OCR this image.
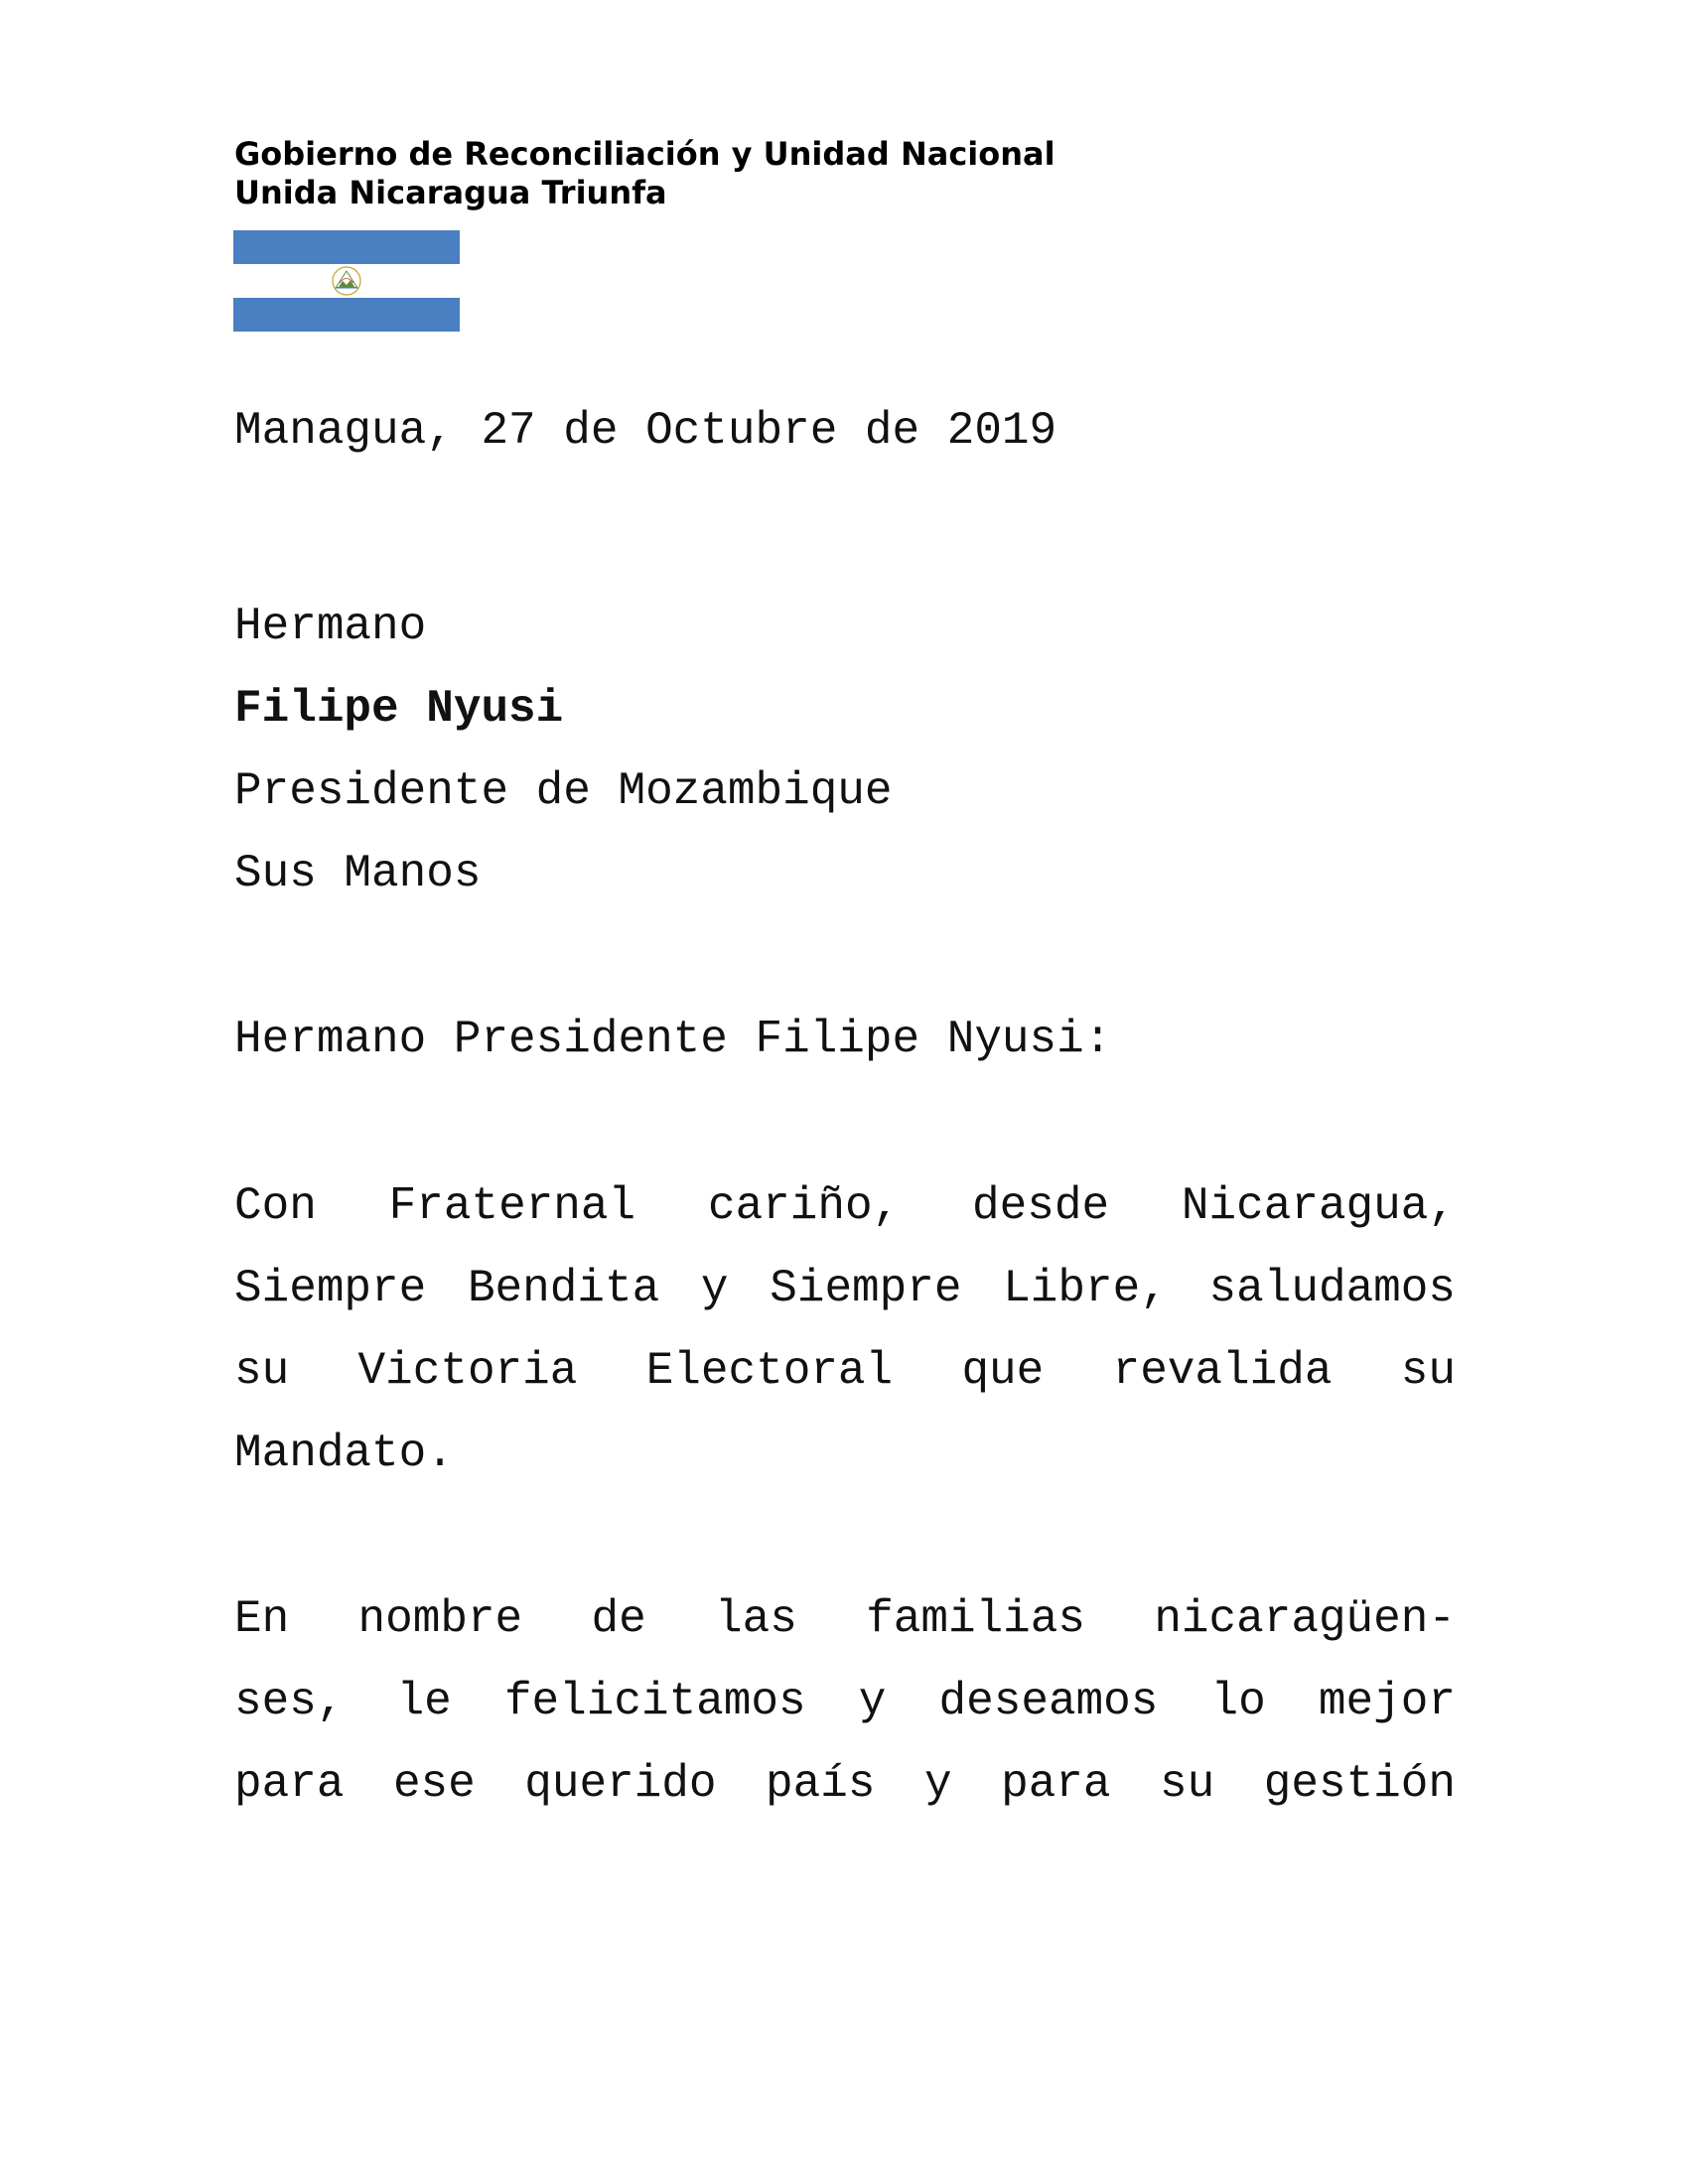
Gobierno de Reconciliación y Unidad Nacional
Unida Nicaragua Triunfa
Managua, 27 de Octubre de 2019
Hermano
Filipe Nyusi
Presidente de Mozambique
Sus Manos
Hermano Presidente Filipe Nyusi:
Con Fraternal cariño, desde Nicaragua,
Siempre Bendita y Siempre Libre, saludamos
su Victoria Electoral que revalida su
Mandato.
En nombre de las familias nicaragüen-
ses, le felicitamos y deseamos lo mejor
para ese querido país y para su gestión
